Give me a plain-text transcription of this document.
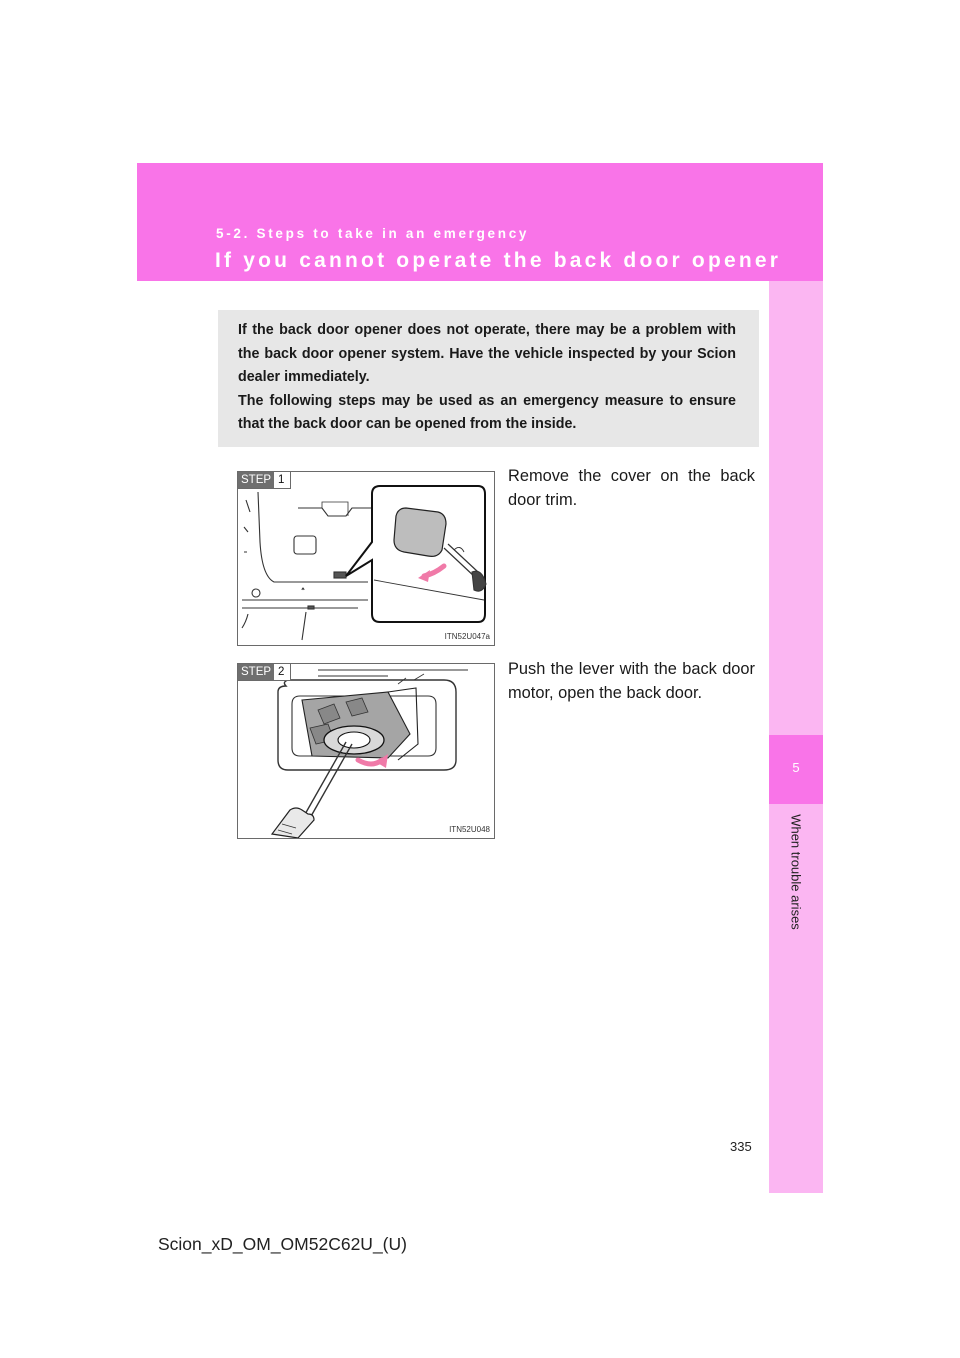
5-2. Steps to take in an emergency
If you cannot operate the back door opener
5
When trouble arises

If the back door opener does not operate, there may be a problem with the back door opener system. Have the vehicle inspected by your Scion dealer immediately.
The following steps may be used as an emergency measure to ensure that the back door can be opened from the inside.

STEP 1
ITN52U047a

Remove the cover on the back door trim.

STEP 2
ITN52U048

Push the lever with the back door motor, open the back door.

335
Scion_xD_OM_OM52C62U_(U)
